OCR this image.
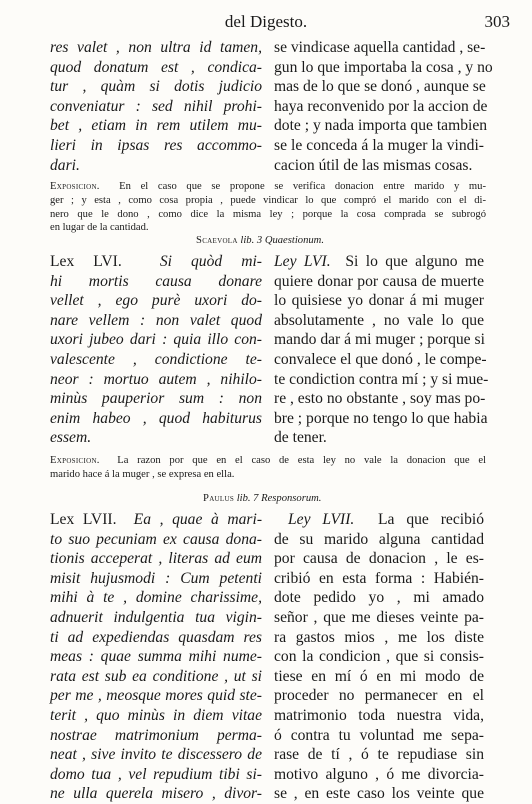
del Digesto.	303
res valet , non ultra id tamen,
quod donatum est , condica-
tur , quàm si dotis judicio
conveniatur : sed nihil prohi-
bet , etiam in rem utilem mu-
lieri in ipsas res accommo-
dari.
se vindicase aquella cantidad , se-
gun lo que importaba la cosa , y no
mas de lo que se donó , aunque se
haya reconvenido por la accion de
dote ; y nada importa que tambien
se le conceda á la muger la vindi-
cacion útil de las mismas cosas.
Exposicion. En el caso que se propone se verifica donacion entre marido y mu-
ger ; y esta , como cosa propia , puede vindicar lo que compró el marido con el di-
nero que le dono , como dice la misma ley ; porque la cosa comprada se subrogó
en lugar de la cantidad.
Scaevola lib. 3 Quaestionum.
Lex LVI. Si quòd mi-
hi mortis causa donare
vellet , ego purè uxori do-
nare vellem : non valet quod
uxori jubeo dari : quia illo con-
valescente , condictione te-
neor : mortuo autem , nihilo-
minùs pauperior sum : non
enim habeo , quod habiturus
essem.
Ley LVI. Si lo que alguno me
quiere donar por causa de muerte
lo quisiese yo donar á mi muger
absolutamente , no vale lo que
mando dar á mi muger ; porque si
convalece el que donó , le compe-
te condiction contra mí ; y si mue-
re , esto no obstante , soy mas po-
bre ; porque no tengo lo que habia
de tener.
Exposicion. La razon por que en el caso de esta ley no vale la donacion que el
marido hace á la muger , se expresa en ella.
Paulus lib. 7 Responsorum.
Lex LVII. Ea , quae à mari-
to suo pecuniam ex causa dona-
tionis acceperat , literas ad eum
misit hujusmodi : Cum petenti
mihi à te , domine charissime,
adnuerit indulgentia tua vigin-
ti ad expediendas quasdam res
meas : quae summa mihi nume-
rata est sub ea conditione , ut si
per me , meosque mores quid ste-
terit , quo minùs in diem vitae
nostrae matrimonium perma-
neat , sive invito te discessero de
domo tua , vel repudium tibi si-
ne ulla querela misero , divor-
Ley LVII. La que recibió
de su marido alguna cantidad
por causa de donacion , le es-
cribió en esta forma : Habién-
dote pedido yo , mi amado
señor , que me dieses veinte pa-
ra gastos mios , me los diste
con la condicion , que si consis-
tiese en mí ó en mi modo de
proceder no permanecer en el
matrimonio toda nuestra vida,
ó contra tu voluntad me sepa-
rase de tí , ó te repudiase sin
motivo alguno , ó me divorcia-
se , en este caso los veinte que
